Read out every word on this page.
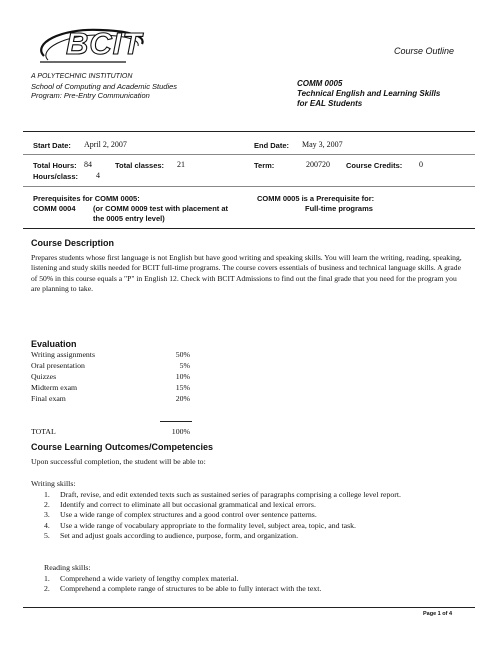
BCIT	Course Outline
A POLYTECHNIC INSTITUTION
School of Computing and Academic Studies
Program: Pre-Entry Communication
COMM 0005
Technical English and Learning Skills
for EAL Students
Start Date: April 2, 2007	End Date: May 3, 2007
Total Hours: 84	Total classes: 21	Term:	200720 Course Credits: 0
Hours/class: 4
Prerequisites for COMM 0005:
COMM 0004 (or COMM 0009 test with placement at
the 0005 entry level)
COMM 0005 is a Prerequisite for:
Full-time programs
Course Description
Prepares students whose first language is not English but have good writing and speaking skills. You will learn the writing, reading, speaking, listening and study skills needed for BCIT full-time programs. The course covers essentials of business and technical language skills. A grade of 50% in this course equals a "P" in English 12. Check with BCIT Admissions to find out the final grade that you need for the program you are planning to take.
Evaluation
Writing assignments	50%
Oral presentation	5%
Quizzes	10%
Midterm exam	15%
Final exam	20%
TOTAL	100%
Course Learning Outcomes/Competencies
Upon successful completion, the student will be able to:
Writing skills:
1. Draft, revise, and edit extended texts such as sustained series of paragraphs comprising a college level report.
2. Identify and correct to eliminate all but occasional grammatical and lexical errors.
3. Use a wide range of complex structures and a good control over sentence patterns.
4. Use a wide range of vocabulary appropriate to the formality level, subject area, topic, and task.
5. Set and adjust goals according to audience, purpose, form, and organization.
Reading skills:
1. Comprehend a wide variety of lengthy complex material.
2. Comprehend a complete range of structures to be able to fully interact with the text.
Page 1 of 4
